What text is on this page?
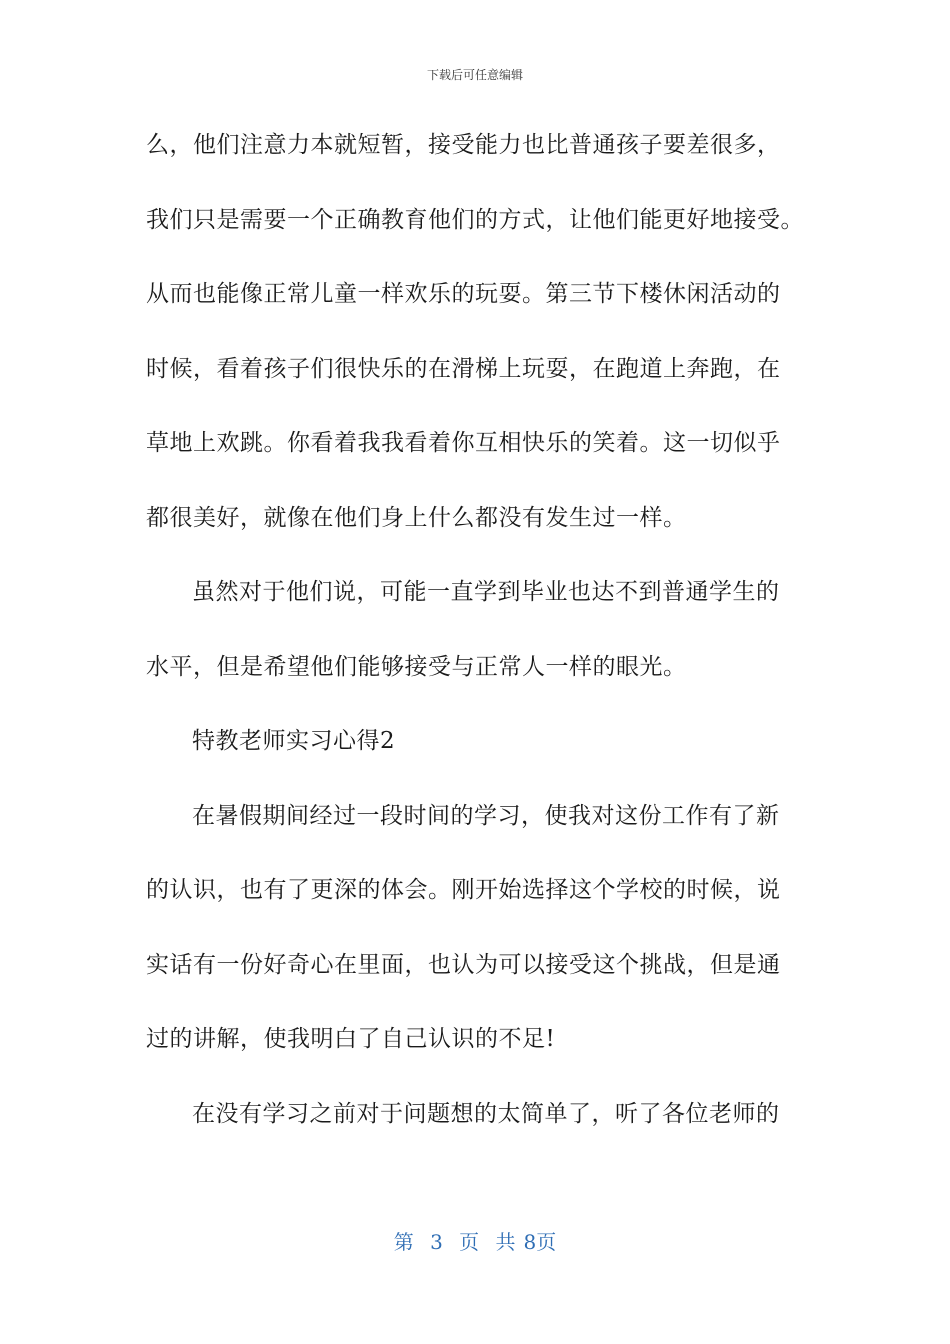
下载后可任意编辑
么，他们注意力本就短暂，接受能力也比普通孩子要差很多，
我们只是需要一个正确教育他们的方式，让他们能更好地接受。
从而也能像正常儿童一样欢乐的玩耍。第三节下楼休闲活动的
时候，看着孩子们很快乐的在滑梯上玩耍，在跑道上奔跑，在
草地上欢跳。你看着我我看着你互相快乐的笑着。这一切似乎
都很美好，就像在他们身上什么都没有发生过一样。
虽然对于他们说，可能一直学到毕业也达不到普通学生的
水平，但是希望他们能够接受与正常人一样的眼光。
特教老师实习心得2
在暑假期间经过一段时间的学习，使我对这份工作有了新
的认识，也有了更深的体会。刚开始选择这个学校的时候，说
实话有一份好奇心在里面，也认为可以接受这个挑战，但是通
过的讲解，使我明白了自己认识的不足!
在没有学习之前对于问题想的太简单了，听了各位老师的
第 3 页 共 8页
